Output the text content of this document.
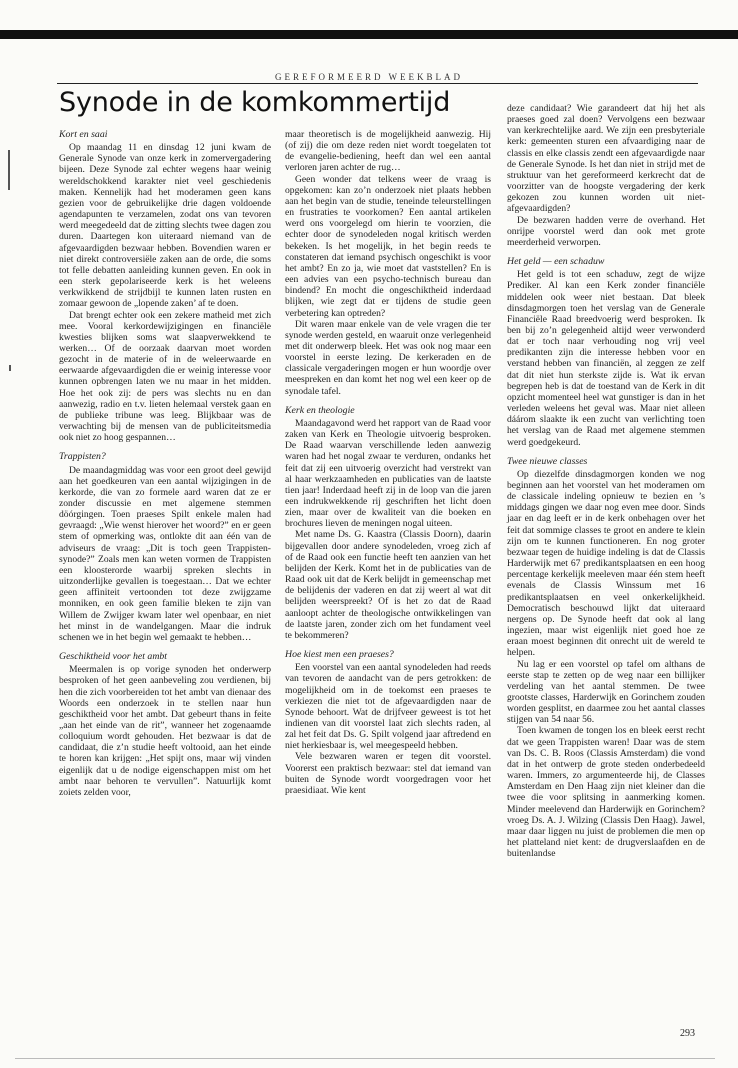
GEREFORMEERD WEEKBLAD
Synode in de komkommertijd
Kort en saai

Op maandag 11 en dinsdag 12 juni kwam de Generale Synode van onze kerk in zomervergadering bijeen. Deze Synode zal echter wegens haar weinig wereldschokkend karakter niet veel geschiedenis maken. Kennelijk had het moderamen geen kans gezien voor de gebruikelijke drie dagen voldoende agendapunten te verzamelen, zodat ons van tevoren werd meegedeeld dat de zitting slechts twee dagen zou duren. Daartegen kon uiteraard niemand van de afgevaardigden bezwaar hebben. Bovendien waren er niet direkt controversiële zaken aan de orde, die soms tot felle debatten aanleiding kunnen geven. En ook in een sterk gepolariseerde kerk is het weleens verkwikkend de strijdbijl te kunnen laten rusten en zomaar gewoon de „lopende zaken’ af te doen.

Dat brengt echter ook een zekere matheid met zich mee. Vooral kerkordewijzigingen en financiële kwesties blijken soms wat slaapverwekkend te werken… Of de oorzaak daarvan moet worden gezocht in de materie of in de weleerwaarde en eerwaarde afgevaardigden die er weinig interesse voor kunnen opbrengen laten we nu maar in het midden. Hoe het ook zij: de pers was slechts nu en dan aanwezig, radio en t.v. lieten helemaal verstek gaan en de publieke tribune was leeg. Blijkbaar was de verwachting bij de mensen van de publiciteitsmedia ook niet zo hoog gespannen…

Trappisten?

De maandagmiddag was voor een groot deel gewijd aan het goedkeuren van een aantal wijzigingen in de kerkorde, die van zo formele aard waren dat ze er zonder discussie en met algemene stemmen döórgingen. Toen praeses Spilt enkele malen had gevraagd: „Wie wenst hierover het woord?” en er geen stem of opmerking was, ontlokte dit aan één van de adviseurs de vraag: „Dit is toch geen Trappisten-synode?” Zoals men kan weten vormen de Trappisten een kloosterorde waarbij spreken slechts in uitzonderlijke gevallen is toegestaan… Dat we echter geen affiniteit vertoonden tot deze zwijgzame monniken, en ook geen familie bleken te zijn van Willem de Zwijger kwam later wel openbaar, en niet het minst in de wandelgangen. Maar die indruk schenen we in het begin wel gemaakt te hebben…

Geschiktheid voor het ambt

Meermalen is op vorige synoden het onderwerp besproken of het geen aanbeveling zou verdienen, bij hen die zich voorbereiden tot het ambt van dienaar des Woords een onderzoek in te stellen naar hun geschiktheid voor het ambt. Dat gebeurt thans in feite „aan het einde van de rit”, wanneer het zogenaamde colloquium wordt gehouden. Het bezwaar is dat de candidaat, die z’n studie heeft voltooid, aan het einde te horen kan krijgen: „Het spijt ons, maar wij vinden eigenlijk dat u de nodige eigenschappen mist om het ambt naar behoren te vervullen”. Natuurlijk komt zoiets zelden voor,

maar theoretisch is de mogelijkheid aanwezig. Hij (of zij) die om deze reden niet wordt toegelaten tot de evangelie-bediening, heeft dan wel een aantal verloren jaren achter de rug…

Geen wonder dat telkens weer de vraag is opgekomen: kan zo’n onderzoek niet plaats hebben aan het begin van de studie, teneinde teleurstellingen en frustraties te voorkomen? Een aantal artikelen werd ons voorgelegd om hierin te voorzien, die echter door de synodeleden nogal kritisch werden bekeken. Is het mogelijk, in het begin reeds te constateren dat iemand psychisch ongeschikt is voor het ambt? En zo ja, wie moet dat vaststellen? En is een advies van een psycho-technisch bureau dan bindend? En mocht die ongeschiktheid inderdaad blijken, wie zegt dat er tijdens de studie geen verbetering kan optreden?

Dit waren maar enkele van de vele vragen die ter synode werden gesteld, en waaruit onze verlegenheid met dit onderwerp bleek. Het was ook nog maar een voorstel in eerste lezing. De kerkeraden en de classicale vergaderingen mogen er hun woordje over meespreken en dan komt het nog wel een keer op de synodale tafel.

Kerk en theologie

Maandagavond werd het rapport van de Raad voor zaken van Kerk en Theologie uitvoerig besproken. De Raad waarvan verschillende leden aanwezig waren had het nogal zwaar te verduren, ondanks het feit dat zij een uitvoerig overzicht had verstrekt van al haar werkzaamheden en publicaties van de laatste tien jaar! Inderdaad heeft zij in de loop van die jaren een indrukwekkende rij geschriften het licht doen zien, maar over de kwaliteit van die boeken en brochures lieven de meningen nogal uiteen.

Met name Ds. G. Kaastra (Classis Doorn), daarin bijgevallen door andere synodeleden, vroeg zich af of de Raad ook een functie heeft ten aanzien van het belijden der Kerk. Komt het in de publicaties van de Raad ook uit dat de Kerk belijdt in gemeenschap met de belijdenis der vaderen en dat zij weert al wat dit belijden weerspreekt? Of is het zo dat de Raad aanloopt achter de theologische ontwikkelingen van de laatste jaren, zonder zich om het fundament veel te bekommeren?

Hoe kiest men een praeses?

Een voorstel van een aantal synodeleden had reeds van tevoren de aandacht van de pers getrokken: de mogelijkheid om in de toekomst een praeses te verkiezen die niet tot de afgevaardigden naar de Synode behoort. Wat de drijfveer geweest is tot het indienen van dit voorstel laat zich slechts raden, al zal het feit dat Ds. G. Spilt volgend jaar aftredend en niet herkiesbaar is, wel meegespeeld hebben.

Vele bezwaren waren er tegen dit voorstel. Voorerst een praktisch bezwaar: stel dat iemand van buiten de Synode wordt voorgedragen voor het praesidiaat. Wie kent

deze candidaat? Wie garandeert dat hij het als praeses goed zal doen? Vervolgens een bezwaar van kerkrechtelijke aard. We zijn een presbyteriale kerk: gemeenten sturen een afvaardiging naar de classis en elke classis zendt een afgevaardigde naar de Generale Synode. Is het dan niet in strijd met de struktuur van het gereformeerd kerkrecht dat de voorzitter van de hoogste vergadering der kerk gekozen zou kunnen worden uit niet-afgevaardigden?

De bezwaren hadden verre de overhand. Het onrijpe voorstel werd dan ook met grote meerderheid verworpen.

Het geld — een schaduw

Het geld is tot een schaduw, zegt de wijze Prediker. Al kan een Kerk zonder financiële middelen ook weer niet bestaan. Dat bleek dinsdagmorgen toen het verslag van de Generale Financiële Raad breedvoerig werd besproken. Ik ben bij zo’n gelegenheid altijd weer verwonderd dat er toch naar verhouding nog vrij veel predikanten zijn die interesse hebben voor en verstand hebben van financiën, al zeggen ze zelf dat dit niet hun sterkste zijde is. Wat ik ervan begrepen heb is dat de toestand van de Kerk in dit opzicht momenteel heel wat gunstiger is dan in het verleden weleens het geval was. Maar niet alleen dáárom slaakte ik een zucht van verlichting toen het verslag van de Raad met algemene stemmen werd goedgekeurd.

Twee nieuwe classes

Op diezelfde dinsdagmorgen konden we nog beginnen aan het voorstel van het moderamen om de classicale indeling opnieuw te bezien en ’s middags gingen we daar nog even mee door. Sinds jaar en dag leeft er in de kerk onbehagen over het feit dat sommige classes te groot en andere te klein zijn om te kunnen functioneren. En nog groter bezwaar tegen de huidige indeling is dat de Classis Harderwijk met 67 predikantsplaatsen en een hoog percentage kerkelijk meeleven maar één stem heeft evenals de Classis Winssum met 16 predikantsplaatsen en veel onkerkelijkheid. Democratisch beschouwd lijkt dat uiteraard nergens op. De Synode heeft dat ook al lang ingezien, maar wist eigenlijk niet goed hoe ze eraan moest beginnen dit onrecht uit de wereld te helpen.

Nu lag er een voorstel op tafel om althans de eerste stap te zetten op de weg naar een billijker verdeling van het aantal stemmen. De twee grootste classes, Harderwijk en Gorinchem zouden worden gesplitst, en daarmee zou het aantal classes stijgen van 54 naar 56.

Toen kwamen de tongen los en bleek eerst recht dat we geen Trappisten waren! Daar was de stem van Ds. C. B. Roos (Classis Amsterdam) die vond dat in het ontwerp de grote steden onderbedeeld waren. Immers, zo argumenteerde hij, de Classes Amsterdam en Den Haag zijn niet kleiner dan die twee die voor splitsing in aanmerking komen. Minder meelevend dan Harderwijk en Gorinchem? vroeg Ds. A. J. Wilzing (Classis Den Haag). Jawel, maar daar liggen nu juist de problemen die men op het platteland niet kent: de drugverslaafden en de buitenlandse

293
